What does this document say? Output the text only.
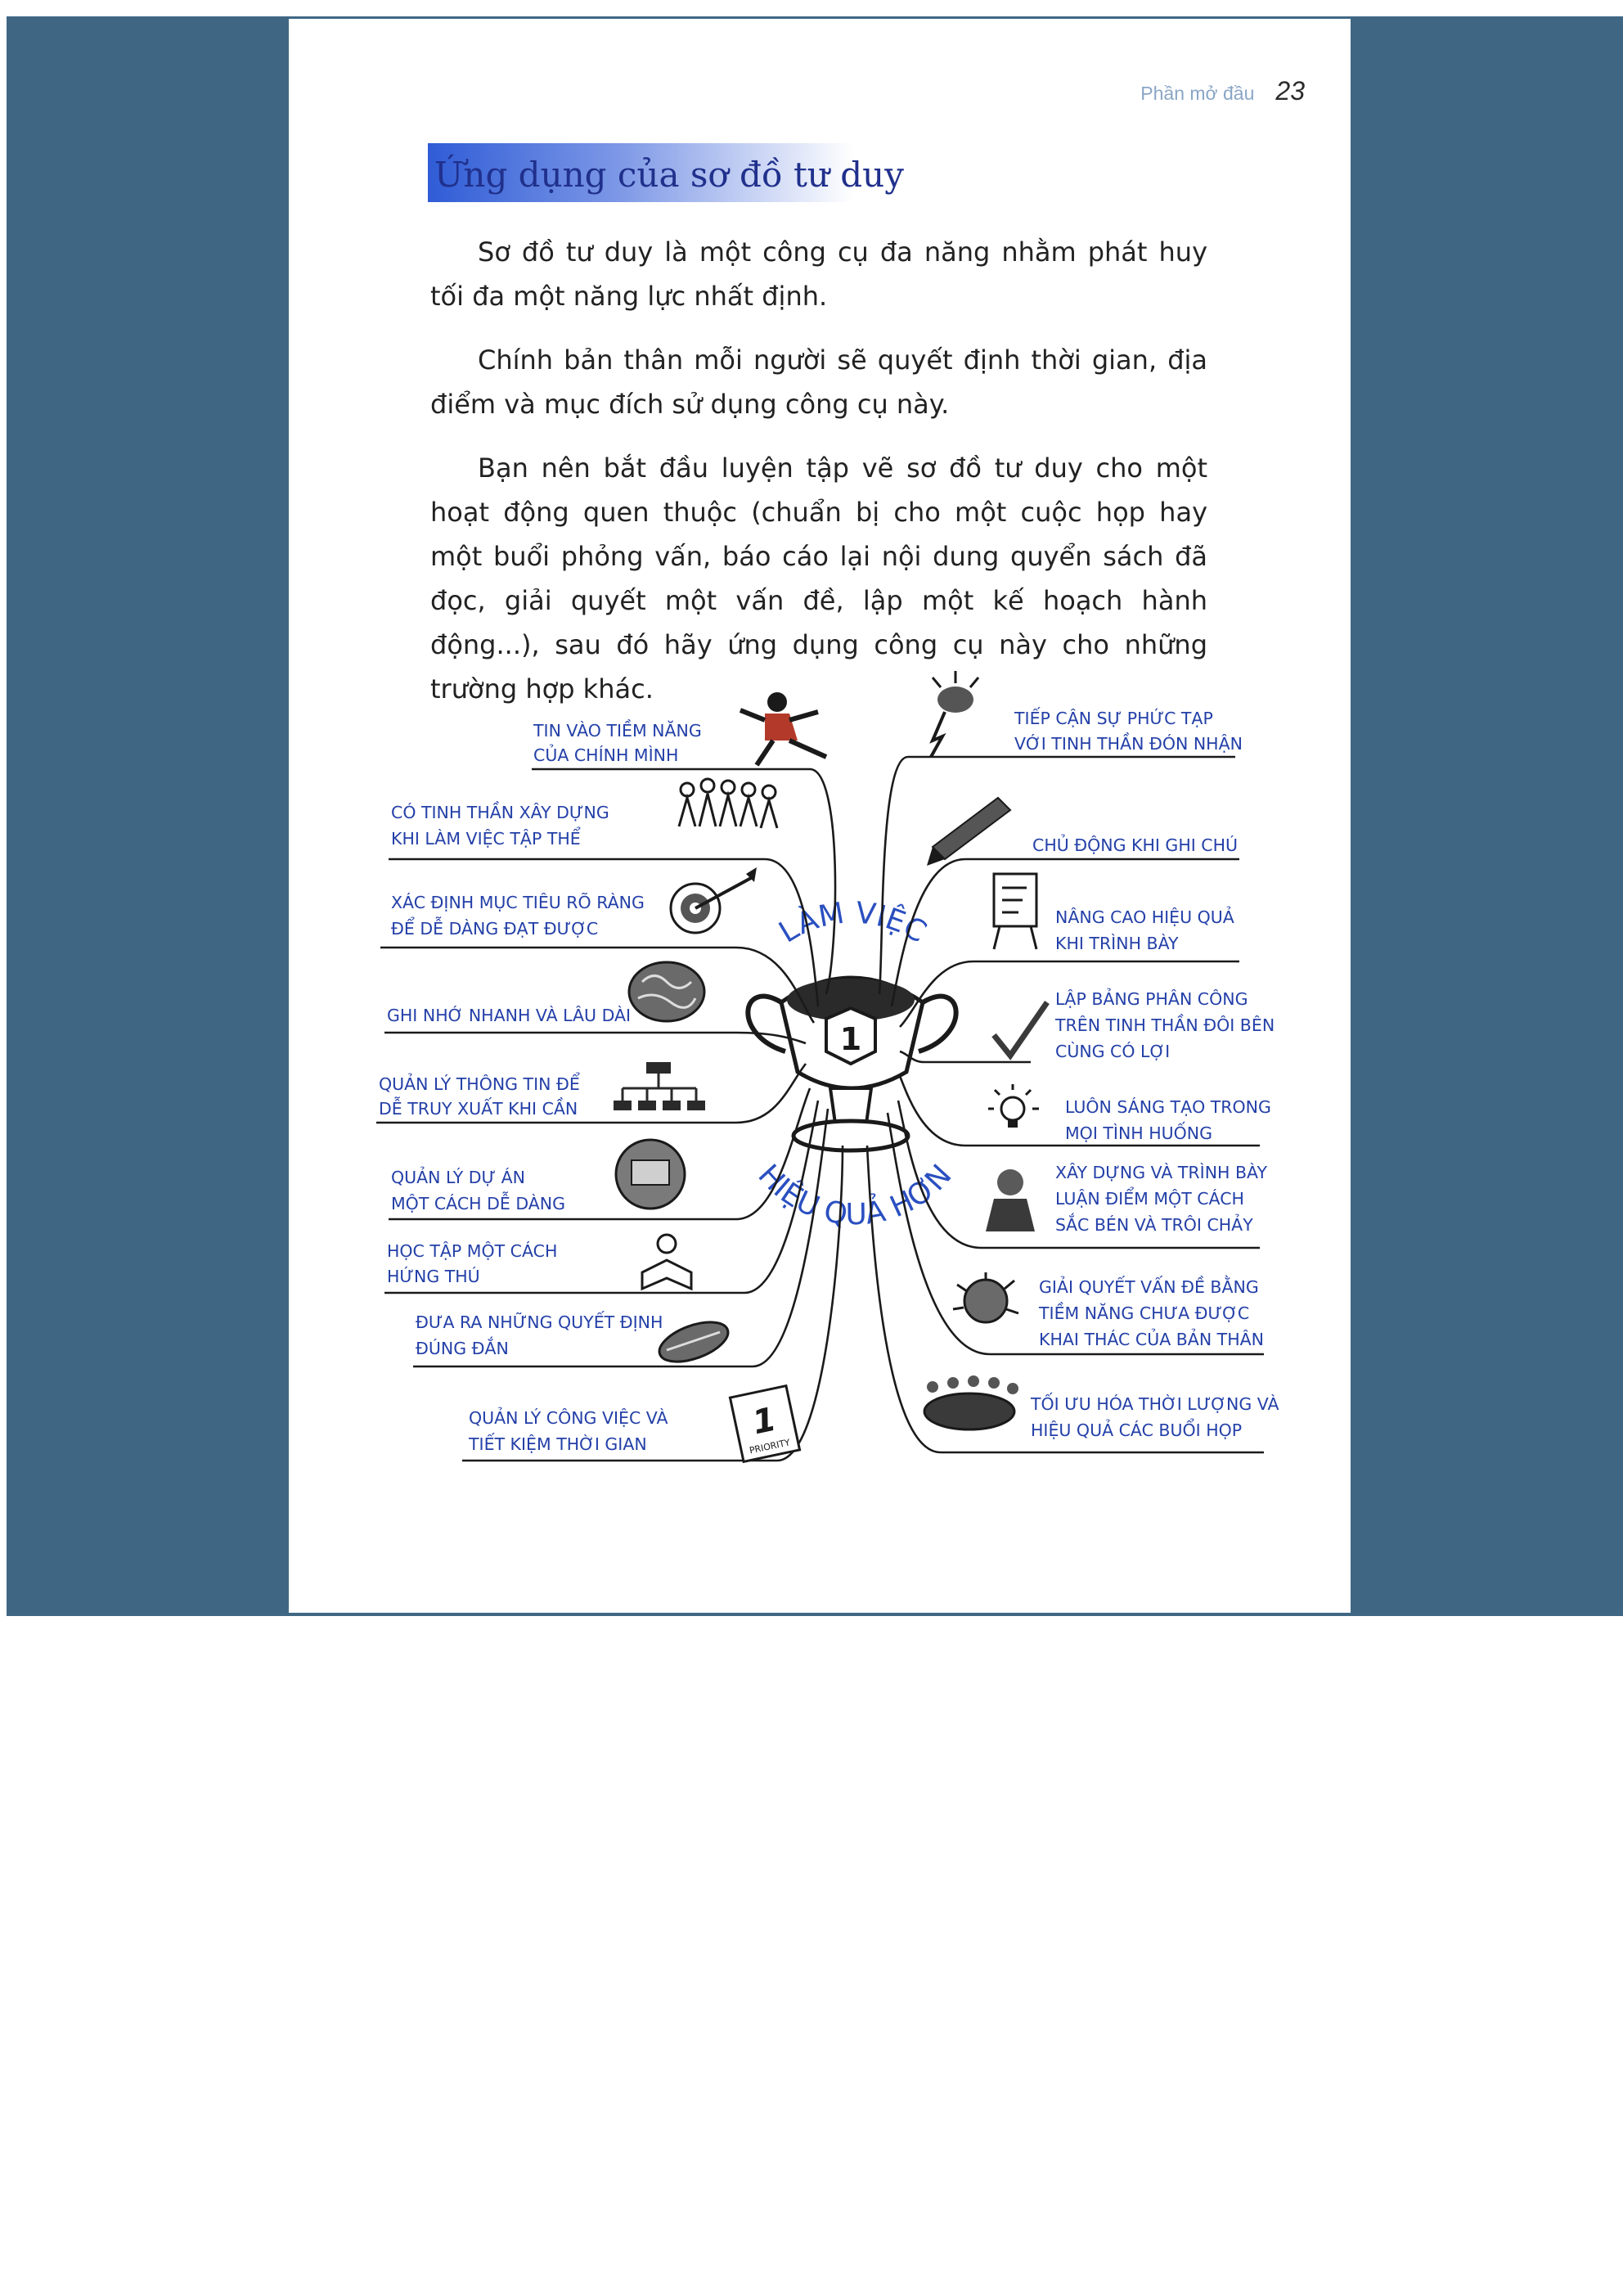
Phần mở đầu 23
Ứng dụng của sơ đồ tư duy

Sơ đồ tư duy là một công cụ đa năng nhằm phát huy tối đa một năng lực nhất định.

Chính bản thân mỗi người sẽ quyết định thời gian, địa điểm và mục đích sử dụng công cụ này.

Bạn nên bắt đầu luyện tập vẽ sơ đồ tư duy cho một hoạt động quen thuộc (chuẩn bị cho một cuộc họp hay một buổi phỏng vấn, báo cáo lại nội dung quyển sách đã đọc, giải quyết một vấn đề, lập một kế hoạch hành động...), sau đó hãy ứng dụng công cụ này cho những trường hợp khác.

1
LÀM VIỆC
HIỆU QUẢ HƠN
TIN VÀO TIỀM NĂNG
CỦA CHÍNH MÌNH
CÓ TINH THẦN XÂY DỰNG
KHI LÀM VIỆC TẬP THỂ
XÁC ĐỊNH MỤC TIÊU RÕ RÀNG
ĐỂ DỄ DÀNG ĐẠT ĐƯỢC
GHI NHỚ NHANH VÀ LÂU DÀI
QUẢN LÝ THÔNG TIN ĐỂ
DỄ TRUY XUẤT KHI CẦN
QUẢN LÝ DỰ ÁN
MỘT CÁCH DỄ DÀNG
HỌC TẬP MỘT CÁCH
HỨNG THÚ
ĐƯA RA NHỮNG QUYẾT ĐỊNH
ĐÚNG ĐẮN
QUẢN LÝ CÔNG VIỆC VÀ
TIẾT KIỆM THỜI GIAN
1
PRIORITY
TIẾP CẬN SỰ PHỨC TẠP
VỚI TINH THẦN ĐÓN NHẬN
CHỦ ĐỘNG KHI GHI CHÚ
NÂNG CAO HIỆU QUẢ
KHI TRÌNH BÀY
LẬP BẢNG PHÂN CÔNG
TRÊN TINH THẦN ĐÔI BÊN
CÙNG CÓ LỢI
LUÔN SÁNG TẠO TRONG
MỌI TÌNH HUỐNG
XÂY DỰNG VÀ TRÌNH BÀY
LUẬN ĐIỂM MỘT CÁCH
SẮC BÉN VÀ TRÔI CHẢY
GIẢI QUYẾT VẤN ĐỀ BẰNG
TIỀM NĂNG CHƯA ĐƯỢC
KHAI THÁC CỦA BẢN THÂN
TỐI ƯU HÓA THỜI LƯỢNG VÀ
HIỆU QUẢ CÁC BUỔI HỌP
